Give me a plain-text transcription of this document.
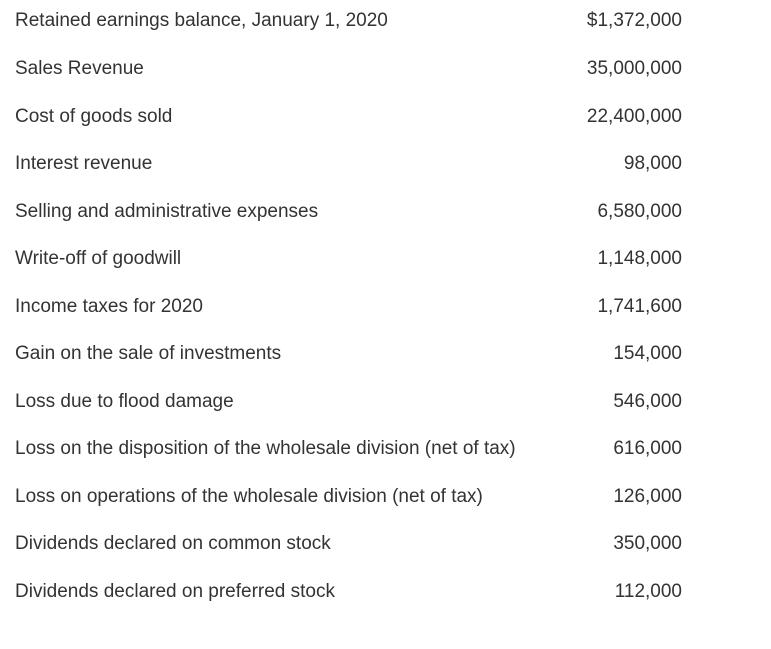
Retained earnings balance, January 1, 2020	$1,372,000
Sales Revenue	35,000,000
Cost of goods sold	22,400,000
Interest revenue	98,000
Selling and administrative expenses	6,580,000
Write-off of goodwill	1,148,000
Income taxes for 2020	1,741,600
Gain on the sale of investments	154,000
Loss due to flood damage	546,000
Loss on the disposition of the wholesale division (net of tax)	616,000
Loss on operations of the wholesale division (net of tax)	126,000
Dividends declared on common stock	350,000
Dividends declared on preferred stock	112,000
